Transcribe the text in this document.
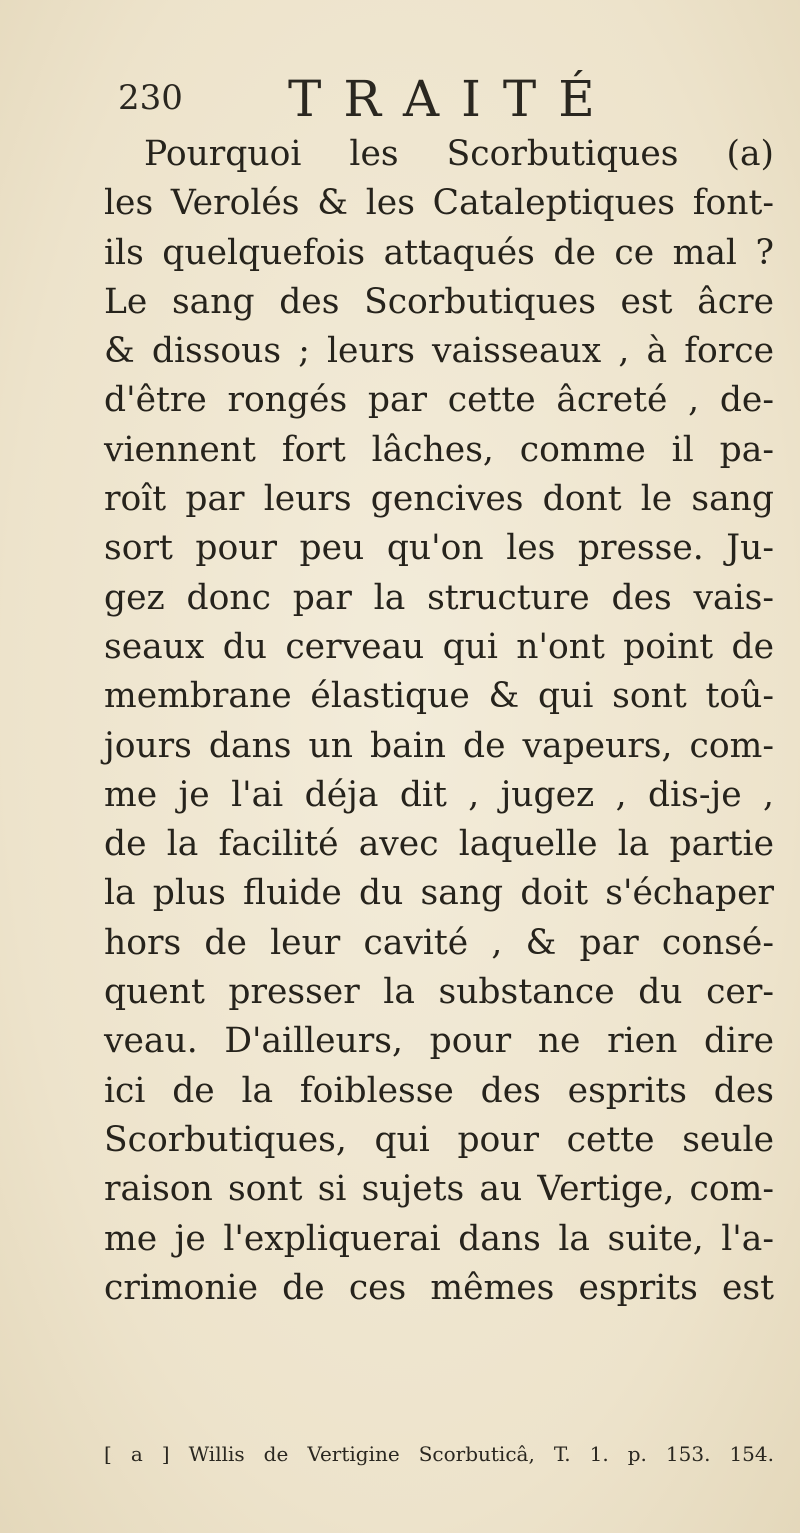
230 TRAITÉ
Pourquoi les Scorbutiques (a)
les Verolés & les Cataleptiques font-
ils quelquefois attaqués de ce mal ?
Le sang des Scorbutiques est âcre
& dissous ; leurs vaisseaux , à force
d'être rongés par cette âcreté , de-
viennent fort lâches, comme il pa-
roît par leurs gencives dont le sang
sort pour peu qu'on les presse. Ju-
gez donc par la structure des vais-
seaux du cerveau qui n'ont point de
membrane élastique & qui sont toû-
jours dans un bain de vapeurs, com-
me je l'ai déja dit , jugez , dis-je ,
de la facilité avec laquelle la partie
la plus fluide du sang doit s'échaper
hors de leur cavité , & par consé-
quent presser la substance du cer-
veau. D'ailleurs, pour ne rien dire
ici de la foiblesse des esprits des
Scorbutiques, qui pour cette seule
raison sont si sujets au Vertige, com-
me je l'expliquerai dans la suite, l'a-
crimonie de ces mêmes esprits est
[ a ] Willis de Vertigine Scorbuticâ, T. 1. p. 153. 154.
